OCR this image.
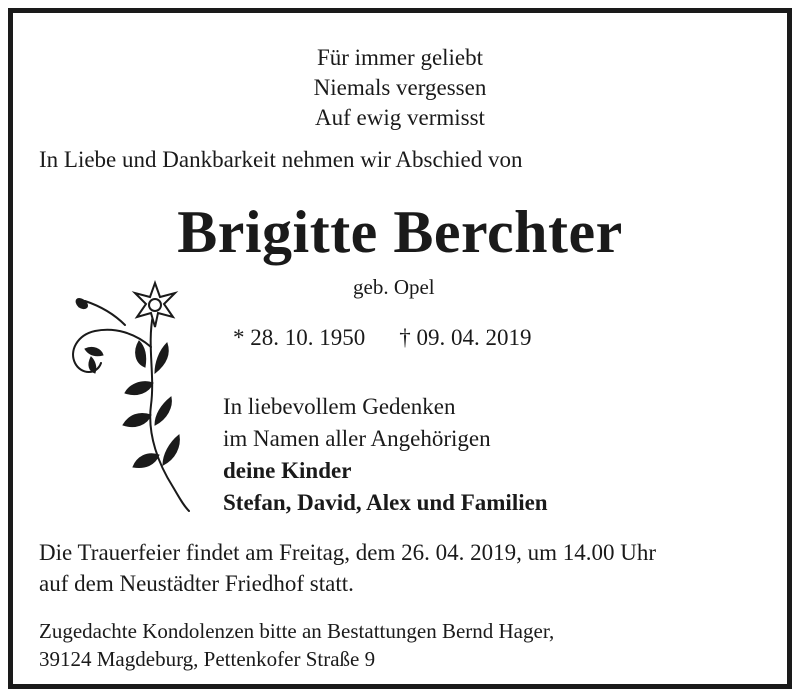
Für immer geliebt
Niemals vergessen
Auf ewig vermisst
In Liebe und Dankbarkeit nehmen wir Abschied von
Brigitte Berchter
geb. Opel
* 28. 10. 1950 † 09. 04. 2019
In liebevollem Gedenken
im Namen aller Angehörigen
deine Kinder
Stefan, David, Alex und Familien
Die Trauerfeier findet am Freitag, dem 26. 04. 2019, um 14.00 Uhr
auf dem Neustädter Friedhof statt.
Zugedachte Kondolenzen bitte an Bestattungen Bernd Hager,
39124 Magdeburg, Pettenkofer Straße 9
